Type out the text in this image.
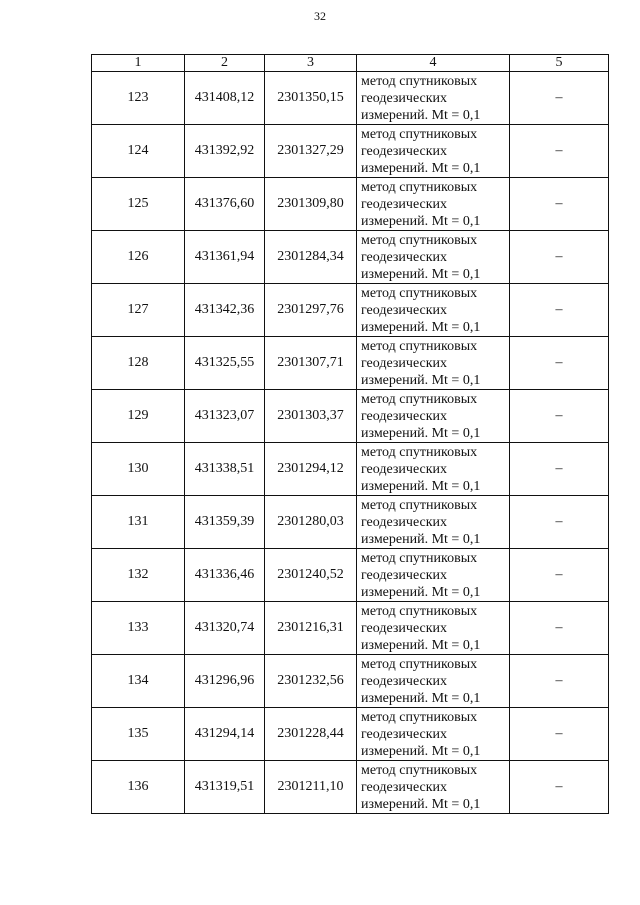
32
1	2	3	4	5
123	431408,12	2301350,15	метод спутниковых
геодезических
измерений. Mt = 0,1	–
124	431392,92	2301327,29	метод спутниковых
геодезических
измерений. Mt = 0,1	–
125	431376,60	2301309,80	метод спутниковых
геодезических
измерений. Mt = 0,1	–
126	431361,94	2301284,34	метод спутниковых
геодезических
измерений. Mt = 0,1	–
127	431342,36	2301297,76	метод спутниковых
геодезических
измерений. Mt = 0,1	–
128	431325,55	2301307,71	метод спутниковых
геодезических
измерений. Mt = 0,1	–
129	431323,07	2301303,37	метод спутниковых
геодезических
измерений. Mt = 0,1	–
130	431338,51	2301294,12	метод спутниковых
геодезических
измерений. Mt = 0,1	–
131	431359,39	2301280,03	метод спутниковых
геодезических
измерений. Mt = 0,1	–
132	431336,46	2301240,52	метод спутниковых
геодезических
измерений. Mt = 0,1	–
133	431320,74	2301216,31	метод спутниковых
геодезических
измерений. Mt = 0,1	–
134	431296,96	2301232,56	метод спутниковых
геодезических
измерений. Mt = 0,1	–
135	431294,14	2301228,44	метод спутниковых
геодезических
измерений. Mt = 0,1	–
136	431319,51	2301211,10	метод спутниковых
геодезических
измерений. Mt = 0,1	–
